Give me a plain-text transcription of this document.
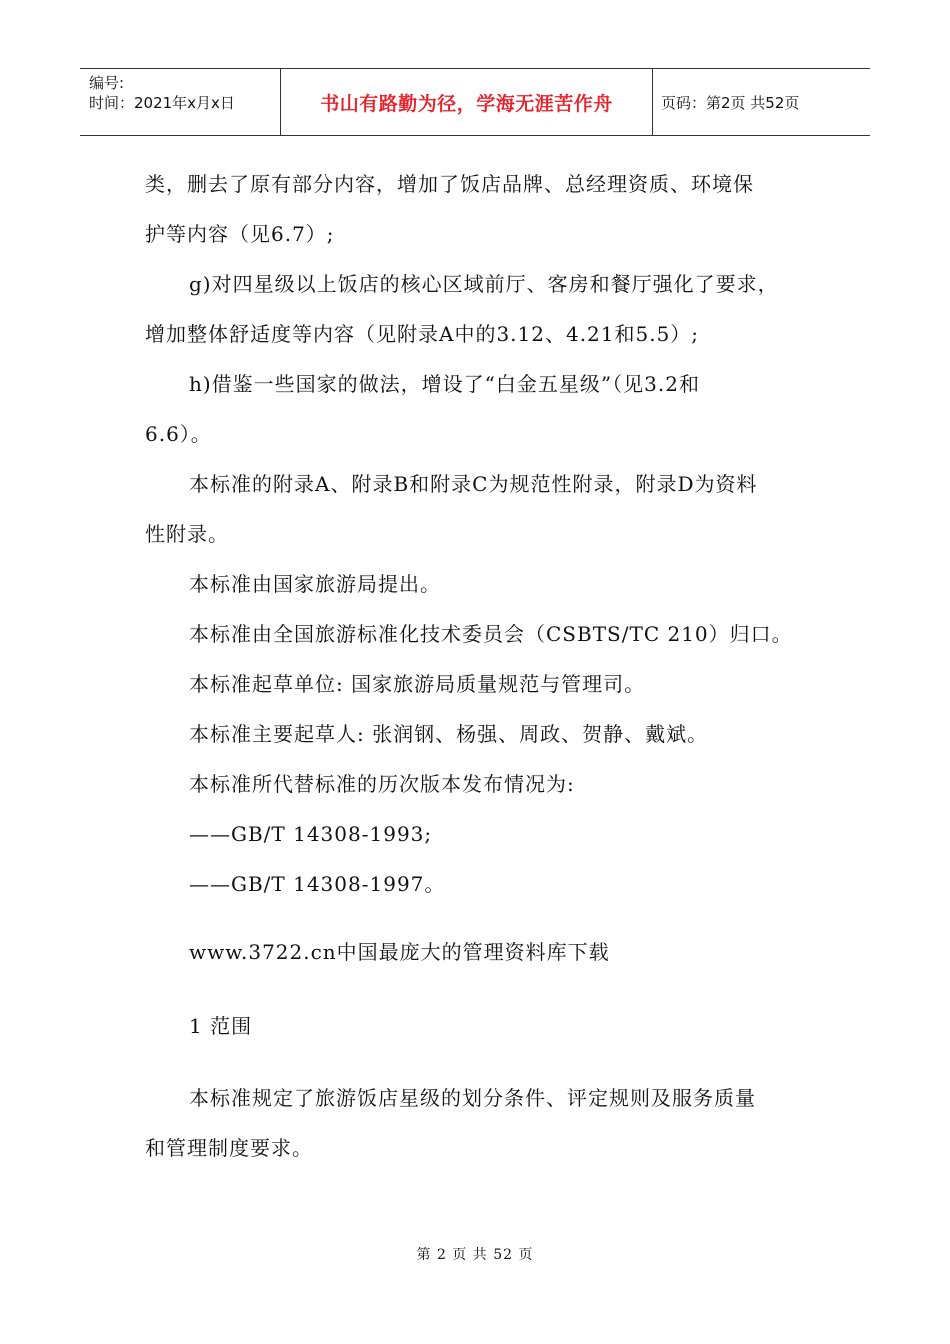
编号:
时间：2021年x月x日	书山有路勤为径，学海无涯苦作舟	页码：第2页 共52页
类，删去了原有部分内容，增加了饭店品牌、总经理资质、环境保
护等内容（见6.7）;
g)对四星级以上饭店的核心区域前厅、客房和餐厅强化了要求，
增加整体舒适度等内容（见附录A中的3.12、4.21和5.5）;
h)借鉴一些国家的做法，增设了“白金五星级”（见3.2和
6.6）。
本标准的附录A、附录B和附录C为规范性附录，附录D为资料
性附录。
本标准由国家旅游局提出。
本标准由全国旅游标准化技术委员会（CSBTS/TC 210）归口。
本标准起草单位: 国家旅游局质量规范与管理司。
本标准主要起草人: 张润钢、杨强、周政、贺静、戴斌。
本标准所代替标准的历次版本发布情况为:
——GB/T 14308-1993;
——GB/T 14308-1997。
www.3722.cn中国最庞大的管理资料库下载
1 范围
本标准规定了旅游饭店星级的划分条件、评定规则及服务质量
和管理制度要求。
第 2 页 共 52 页
